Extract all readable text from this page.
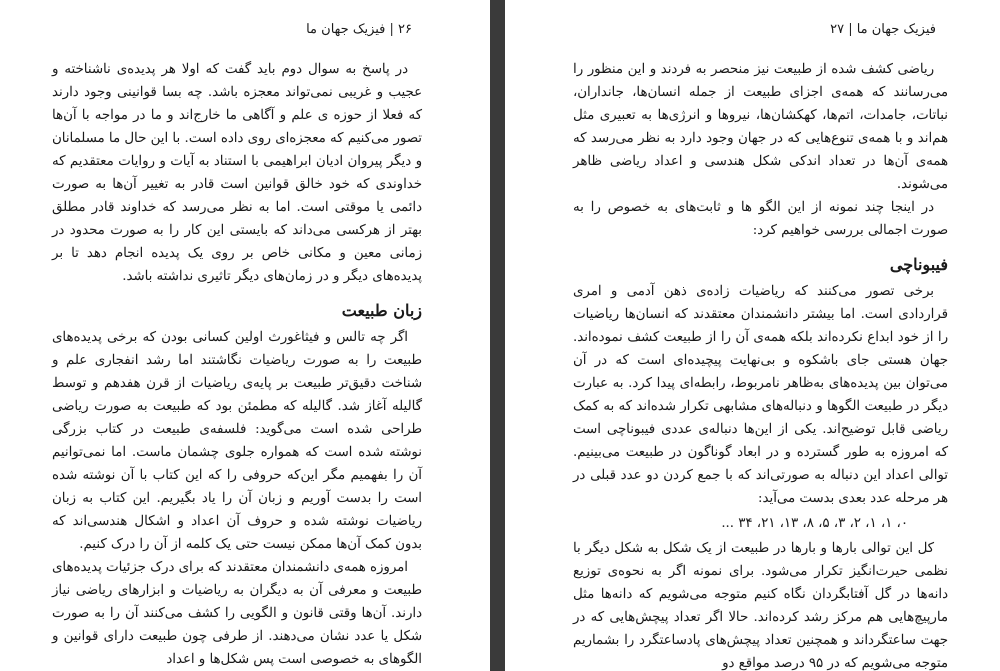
۲۶ | فیزیک جهان ما

در پاسخ به سوال دوم باید گفت که اولا هر پدیده‌ی ناشناخته و عجیب و غریبی نمی‌تواند معجزه باشد. چه بسا قوانینی وجود دارند که فعلا از حوزه ی علم و آگاهی ما خارج‌اند و ما در مواجه با آن‌ها تصور می‌کنیم که معجزه‌ای روی داده است. با این حال ما مسلمانان و دیگر پیروان ادیان ابراهیمی با استناد به آیات و روایات معتقدیم که خداوندی که خود خالق قوانین است قادر به تغییر آن‌ها به صورت دائمی یا موقتی است. اما به نظر می‌رسد که خداوند قادر مطلق بهتر از هرکسی می‌داند که بایستی این کار را به صورت محدود در زمانی معین و مکانی خاص بر روی یک پدیده انجام دهد تا بر پدیده‌های دیگر و در زمان‌های دیگر تاثیری نداشته باشد.

زبان طبیعت

اگر چه تالس و فیثاغورث اولین کسانی بودن که برخی پدیده‌های طبیعت را به صورت ریاضیات نگاشتند اما رشد انفجاری علم و شناخت دقیق‌تر طبیعت بر پایه‌ی ریاضیات از قرن هفدهم و توسط گالیله آغاز شد. گالیله که مطمئن بود که طبیعت به صورت ریاضی طراحی شده است می‌گوید: فلسفه‌ی طبیعت در کتاب بزرگی نوشته شده است که همواره جلوی چشمان ماست. اما نمی‌توانیم آن را بفهمیم مگر این‌که حروفی را که این کتاب با آن نوشته شده است را بدست آوریم و زبان آن را یاد بگیریم. این کتاب به زبان ریاضیات نوشته شده و حروف آن اعداد و اشکال هندسی‌اند که بدون کمک آن‌ها ممکن نیست حتی یک کلمه از آن را درک کنیم.

امروزه همه‌ی دانشمندان معتقدند که برای درک جزئیات پدیده‌های طبیعت و معرفی آن به دیگران به ریاضیات و ابزارهای ریاضی نیاز دارند. آن‌ها وقتی قانون و الگویی را کشف می‌کنند آن را به صورت شکل یا عدد نشان می‌دهند. از طرفی چون طبیعت دارای قوانین و الگوهای به خصوصی است پس شکل‌ها و اعداد

فیزیک جهان ما | ۲۷

ریاضی کشف شده از طبیعت نیز منحصر به فردند و این منظور را می‌رسانند که همه‌ی اجزای طبیعت از جمله انسان‌ها، جانداران، نباتات، جامدات، اتم‌ها، کهکشان‌ها، نیروها و انرژی‌ها به تعبیری مثل هم‌اند و با همه‌ی تنوع‌هایی که در جهان وجود دارد به نظر می‌رسد که همه‌ی آن‌ها در تعداد اندکی شکل هندسی و اعداد ریاضی ظاهر می‌شوند.

در اینجا چند نمونه از این الگو ها و ثابت‌های به خصوص را به صورت اجمالی بررسی خواهیم کرد:

فیبوناچی

برخی تصور می‌کنند که ریاضیات زاده‌ی ذهن آدمی و امری قراردادی است. اما بیشتر دانشمندان معتقدند که انسان‌ها ریاضیات را از خود ابداع نکرده‌اند بلکه همه‌ی آن را از طبیعت کشف نموده‌اند. جهان هستی جای باشکوه و بی‌نهایت پیچیده‌ای است که در آن می‌توان بین پدیده‌های به‌ظاهر نامربوط، رابطه‌ای پیدا کرد. به عبارت دیگر در طبیعت الگوها و دنباله‌های مشابهی تکرار شده‌اند که به کمک ریاضی قابل توضیح‌اند. یکی از این‌ها دنباله‌ی عددی فیبوناچی است که امروزه به طور گسترده و در ابعاد گوناگون در طبیعت می‌بینیم. توالی اعداد این دنباله به صورتی‌اند که با جمع کردن دو عدد قبلی در هر مرحله عدد بعدی بدست می‌آید:

۰، ۱، ۱، ۲، ۳، ۵، ۸، ۱۳، ۲۱، ۳۴ ...

کل این توالی بارها و بارها در طبیعت از یک شکل به شکل دیگر با نظمی حیرت‌انگیز تکرار می‌شود. برای نمونه اگر به نحوه‌ی توزیع دانه‌ها در گل آفتابگردان نگاه کنیم متوجه می‌شویم که دانه‌ها مثل مارپیچ‌هایی هم مرکز رشد کرده‌اند. حالا اگر تعداد پیچش‌هایی که در جهت ساعتگرداند و همچنین تعداد پیچش‌های پادساعتگرد را بشماریم متوجه می‌شویم که در ۹۵ درصد مواقع دو
